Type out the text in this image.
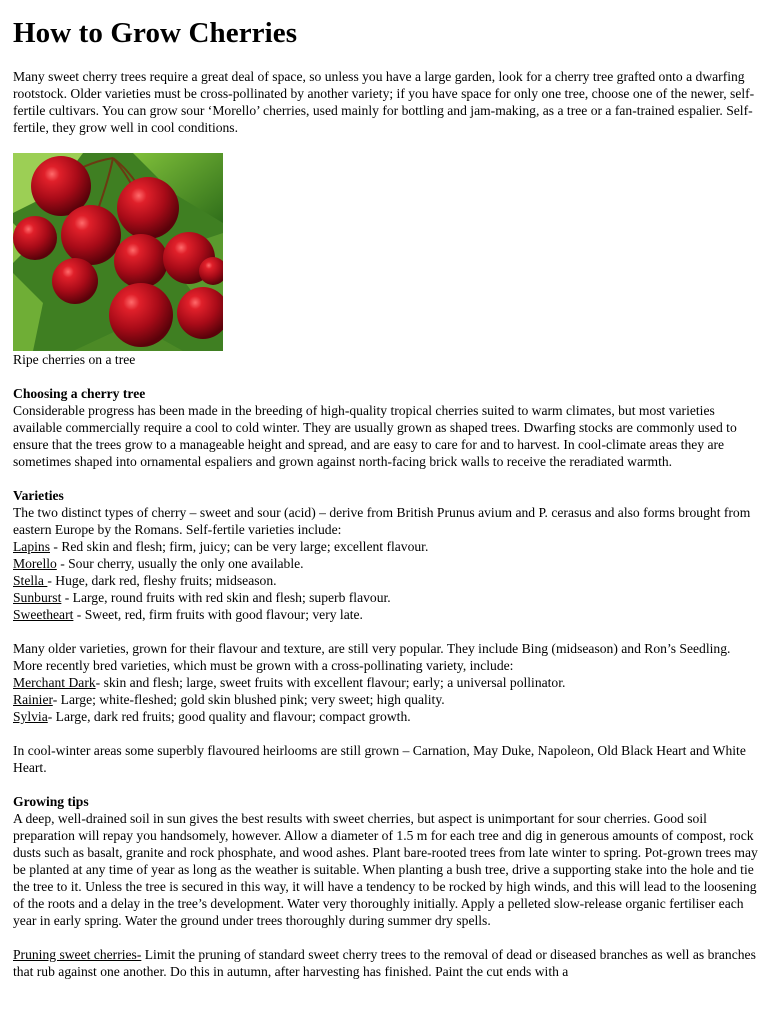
How to Grow Cherries

Many sweet cherry trees require a great deal of space, so unless you have a large garden, look for a cherry tree grafted onto a dwarfing rootstock. Older varieties must be cross-pollinated by another variety; if you have space for only one tree, choose one of the newer, self-fertile cultivars. You can grow sour ‘Morello’ cherries, used mainly for bottling and jam-making, as a tree or a fan-trained espalier. Self-fertile, they grow well in cool conditions.

Ripe cherries on a tree

Choosing a cherry tree

Considerable progress has been made in the breeding of high-quality tropical cherries suited to warm climates, but most varieties available commercially require a cool to cold winter. They are usually grown as shaped trees. Dwarfing stocks are commonly used to ensure that the trees grow to a manageable height and spread, and are easy to care for and to harvest. In cool-climate areas they are sometimes shaped into ornamental espaliers and grown against north-facing brick walls to receive the reradiated warmth.

Varieties

The two distinct types of cherry – sweet and sour (acid) – derive from British Prunus avium and P. cerasus and also forms brought from eastern Europe by the Romans. Self-fertile varieties include:

Lapins - Red skin and flesh; firm, juicy; can be very large; excellent flavour.

Morello - Sour cherry, usually the only one available.

Stella - Huge, dark red, fleshy fruits; midseason.

Sunburst - Large, round fruits with red skin and flesh; superb flavour.

Sweetheart - Sweet, red, firm fruits with good flavour; very late.

Many older varieties, grown for their flavour and texture, are still very popular. They include Bing (midseason) and Ron’s Seedling. More recently bred varieties, which must be grown with a cross-pollinating variety, include:

Merchant Dark- skin and flesh; large, sweet fruits with excellent flavour; early; a universal pollinator.

Rainier- Large; white-fleshed; gold skin blushed pink; very sweet; high quality.

Sylvia- Large, dark red fruits; good quality and flavour; compact growth.

In cool-winter areas some superbly flavoured heirlooms are still grown – Carnation, May Duke, Napoleon, Old Black Heart and White Heart.

Growing tips

A deep, well-drained soil in sun gives the best results with sweet cherries, but aspect is unimportant for sour cherries. Good soil preparation will repay you handsomely, however. Allow a diameter of 1.5 m for each tree and dig in generous amounts of compost, rock dusts such as basalt, granite and rock phosphate, and wood ashes. Plant bare-rooted trees from late winter to spring. Pot-grown trees may be planted at any time of year as long as the weather is suitable. When planting a bush tree, drive a supporting stake into the hole and tie the tree to it. Unless the tree is secured in this way, it will have a tendency to be rocked by high winds, and this will lead to the loosening of the roots and a delay in the tree’s development. Water very thoroughly initially. Apply a pelleted slow-release organic fertiliser each year in early spring. Water the ground under trees thoroughly during summer dry spells.

Pruning sweet cherries- Limit the pruning of standard sweet cherry trees to the removal of dead or diseased branches as well as branches that rub against one another. Do this in autumn, after harvesting has finished. Paint the cut ends with a
